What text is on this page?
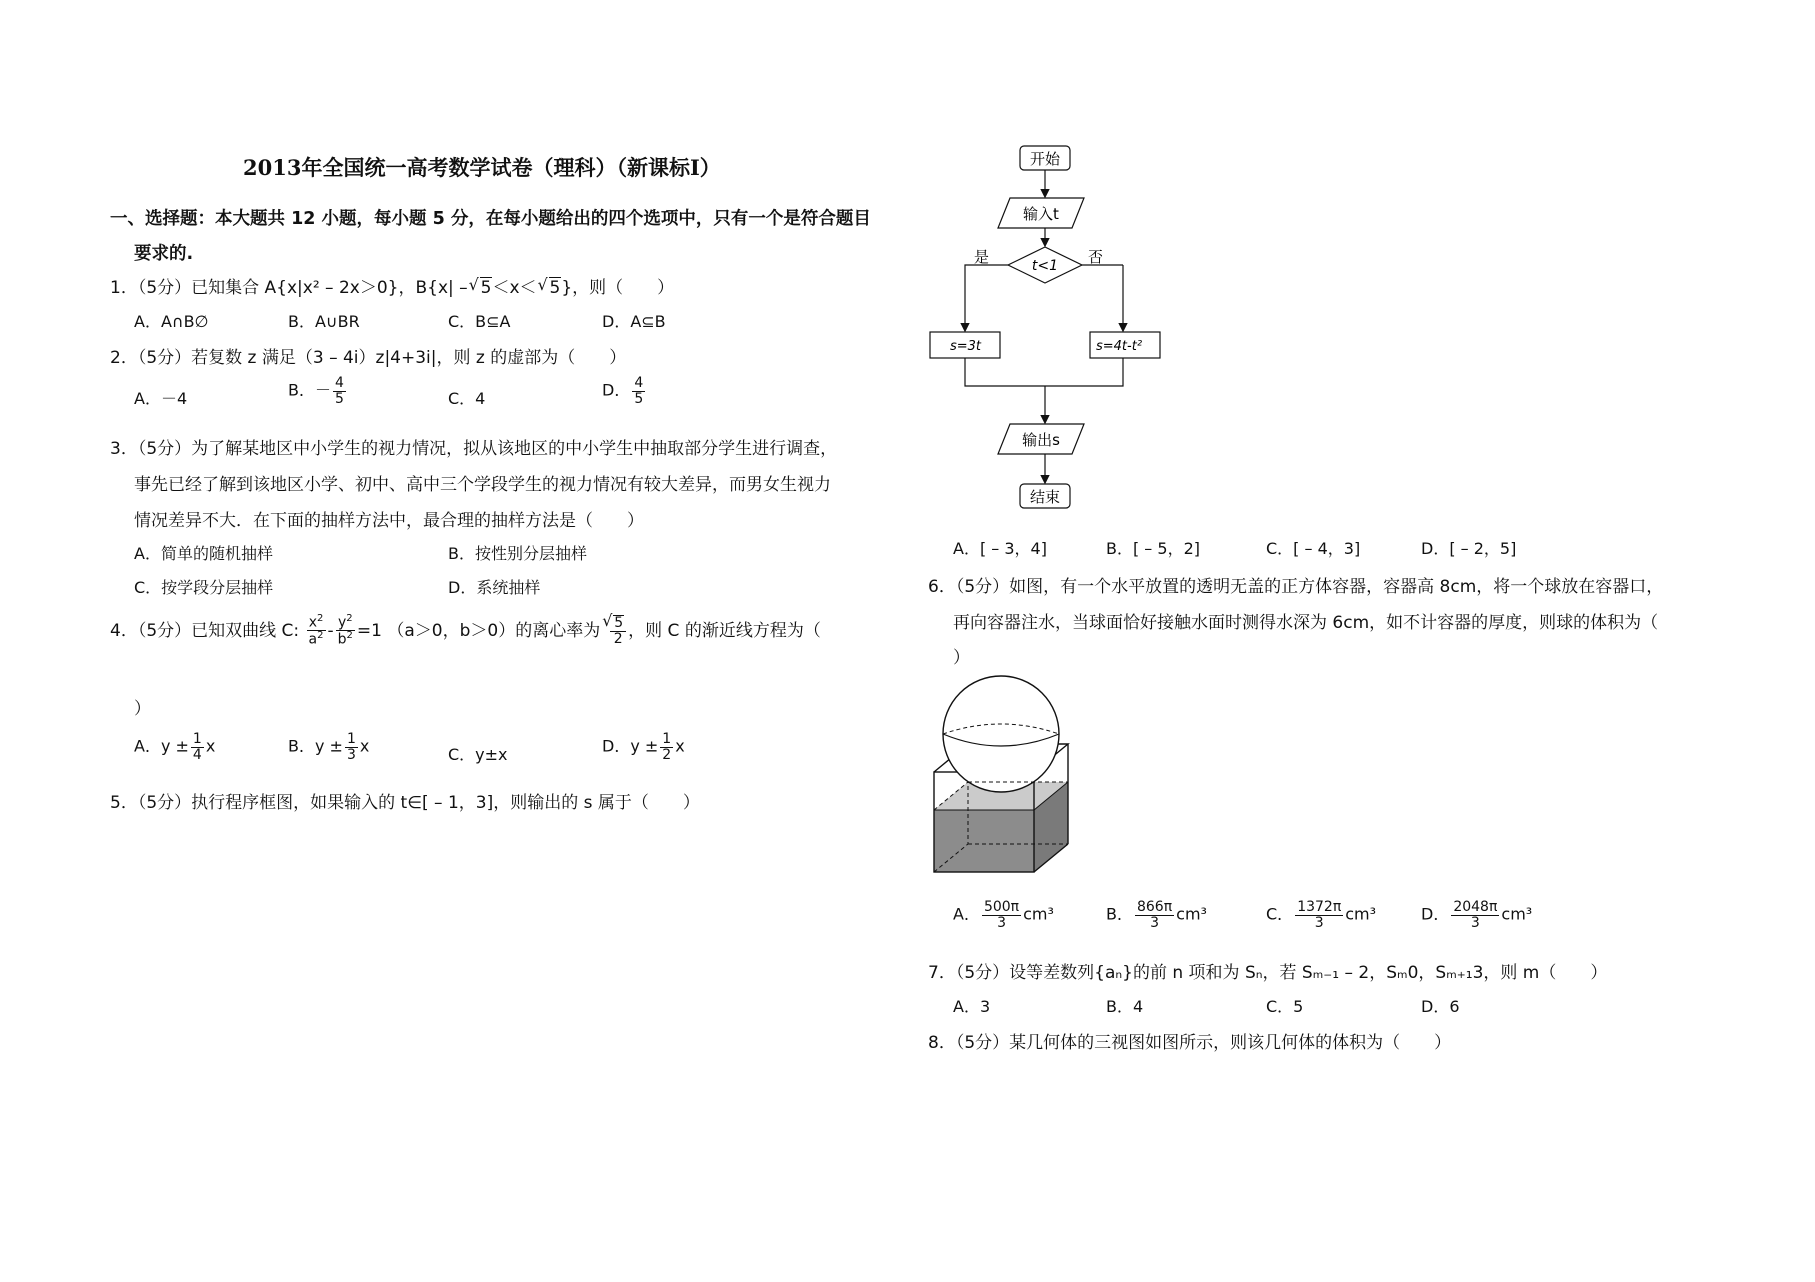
2013年全国统一高考数学试卷（理科）（新课标I）
一、选择题：本大题共 12 小题，每小题 5 分，在每小题给出的四个选项中，只有一个是符合题目
要求的.
1．（5分）已知集合 A{x|x² – 2x＞0}，B{x| – √ 5＜x＜ √ 5}，则（　　）
A．A∩B∅	B．A∪BR	C．B⊆A	D．A⊆B
2．（5分）若复数 z 满足（3 – 4i）z|4+3i|，则 z 的虚部为（　　）
A．－4	B．－ $\frac{4}{5}$	C．4	D． $\frac{4}{5}$
3．（5分）为了解某地区中小学生的视力情况，拟从该地区的中小学生中抽取部分学生进行调查，
事先已经了解到该地区小学、初中、高中三个学段学生的视力情况有较大差异，而男女生视力
情况差异不大．在下面的抽样方法中，最合理的抽样方法是（　　）
A．简单的随机抽样	B．按性别分层抽样
C．按学段分层抽样	D．系统抽样
4．（5分）已知双曲线 C: $\frac{x^2}{a^2} - \frac{y^2}{b^2} =1$ （a＞0，b＞0）的离心率为 √ $\frac{5}{2}$ ，则 C 的渐近线方程为（
）
A．$y \pm \frac{1}{4}$ x	B．$y \pm \frac{1}{3}$ x	C．y±x	D．$y \pm \frac{1}{2}$ x
5．（5分）执行程序框图，如果输入的 t∈[ – 1，3]，则输出的 s 属于（　　）
开始
输入t
t<1
是	否
s=3t
输出s
结束
s=4t-t²
A．[ – 3，4]	B．[ – 5，2]	C．[ – 4，3]	D．[ – 2，5]
6．（5分）如图，有一个水平放置的透明无盖的正方体容器，容器高 8cm，将一个球放在容器口，
再向容器注水，当球面恰好接触水面时测得水深为 6cm，如不计容器的厚度，则球的体积为（
）
A． $\frac{500\pi}{3} cm^3$	B． $\frac{866\pi}{3} cm^3$	C． $\frac{1372\pi}{3} cm^3$	D． $\frac{2048\pi}{3} cm^3$
7．（5分）设等差数列{aₙ}的前 n 项和为 Sₙ，若 Sₘ₋₁ – 2，Sₘ0，Sₘ₊₁3，则 m（　　）
A．3	B．4	C．5	D．6
8．（5分）某几何体的三视图如图所示，则该几何体的体积为（　　）
